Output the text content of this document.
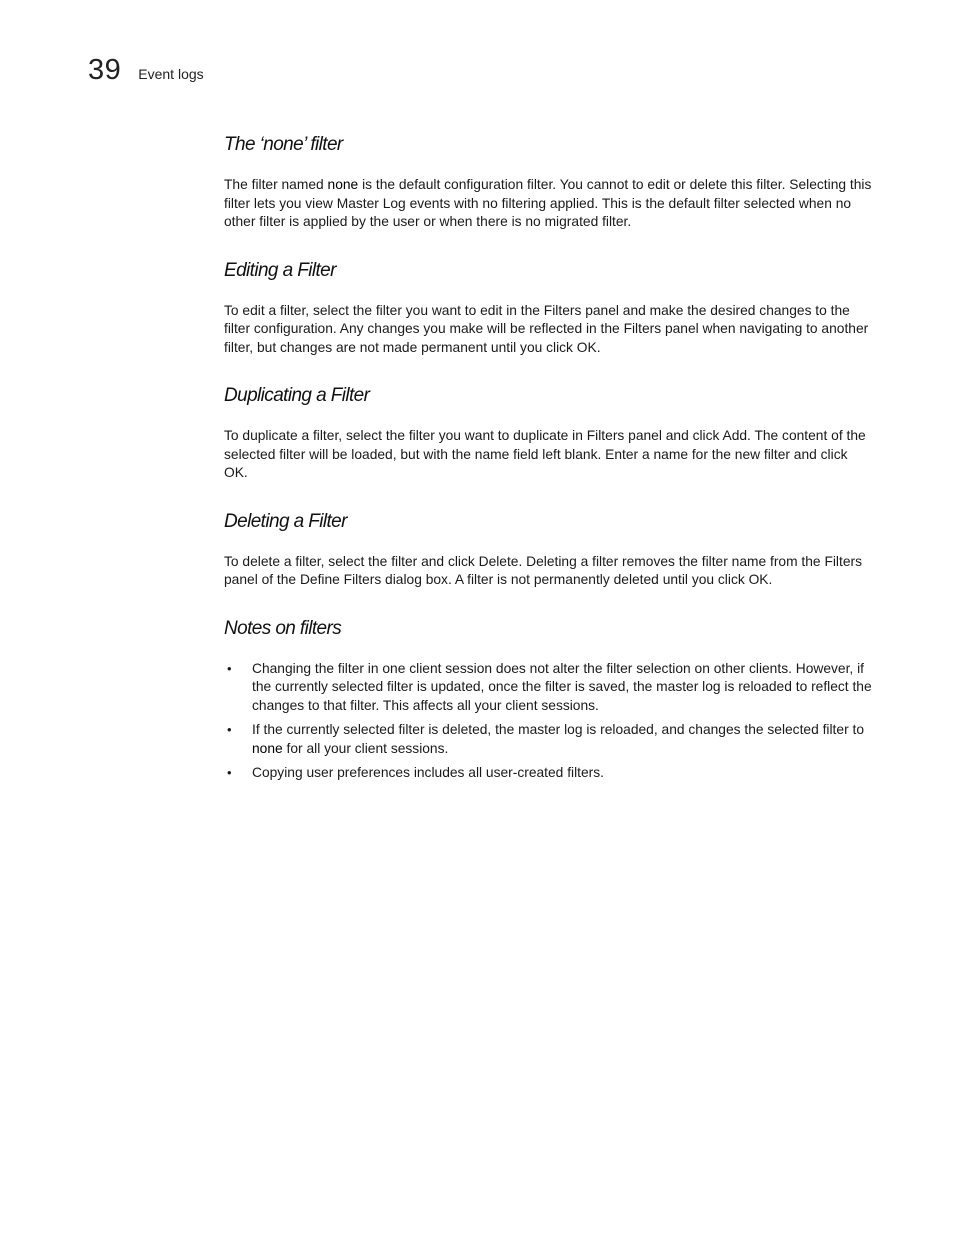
39 Event logs
The ‘none’ filter

The filter named none is the default configuration filter. You cannot to edit or delete this filter. Selecting this filter lets you view Master Log events with no filtering applied. This is the default filter selected when no other filter is applied by the user or when there is no migrated filter.

Editing a Filter

To edit a filter, select the filter you want to edit in the Filters panel and make the desired changes to the filter configuration. Any changes you make will be reflected in the Filters panel when navigating to another filter, but changes are not made permanent until you click OK.

Duplicating a Filter

To duplicate a filter, select the filter you want to duplicate in Filters panel and click Add. The content of the selected filter will be loaded, but with the name field left blank. Enter a name for the new filter and click OK.

Deleting a Filter

To delete a filter, select the filter and click Delete. Deleting a filter removes the filter name from the Filters panel of the Define Filters dialog box. A filter is not permanently deleted until you click OK.

Notes on filters
• Changing the filter in one client session does not alter the filter selection on other clients. However, if the currently selected filter is updated, once the filter is saved, the master log is reloaded to reflect the changes to that filter. This affects all your client sessions.
• If the currently selected filter is deleted, the master log is reloaded, and changes the selected filter to none for all your client sessions.
• Copying user preferences includes all user-created filters.
